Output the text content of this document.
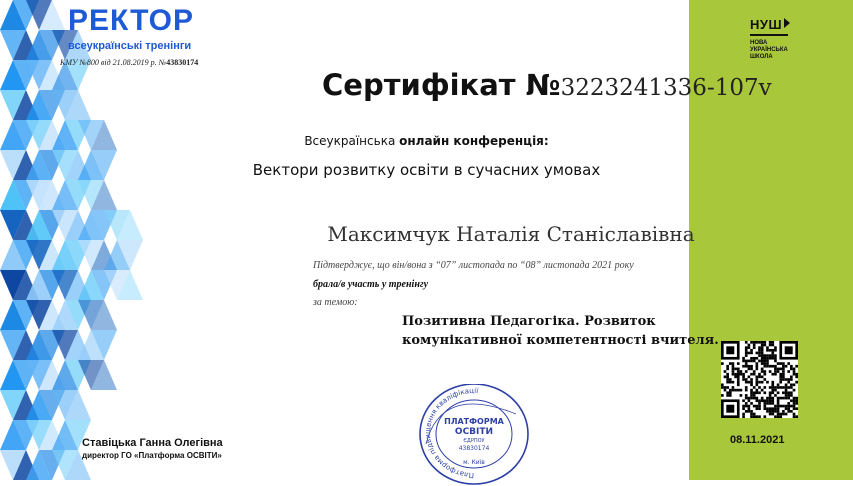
РЕКТОР
всеукраїнські тренінги
КМУ №800 від 21.08.2019 р. №43830174
НУШ
НОВА
УКРАЇНСЬКА
ШКОЛА
Сертифікат №3223241336-107v
Всеукраїнська онлайн конференція:
Вектори розвитку освіти в сучасних умовах
Максимчук Наталія Станіславівна
Підтверджує, що він/вона з “07” листопада по “08” листопада 2021 року
брала/в участь у тренінгу
за темою:
Позитивна Педагогіка. Розвиток
комунікативної компетентності вчителя.
08.11.2021
Ставіцька Ганна Олегівна
директор ГО «Платформа ОСВІТИ»
Платформа підвищення кваліфікації
ПЛАТФОРМА
ОСВІТИ
ЄДРПОУ
43830174
м. Київ
